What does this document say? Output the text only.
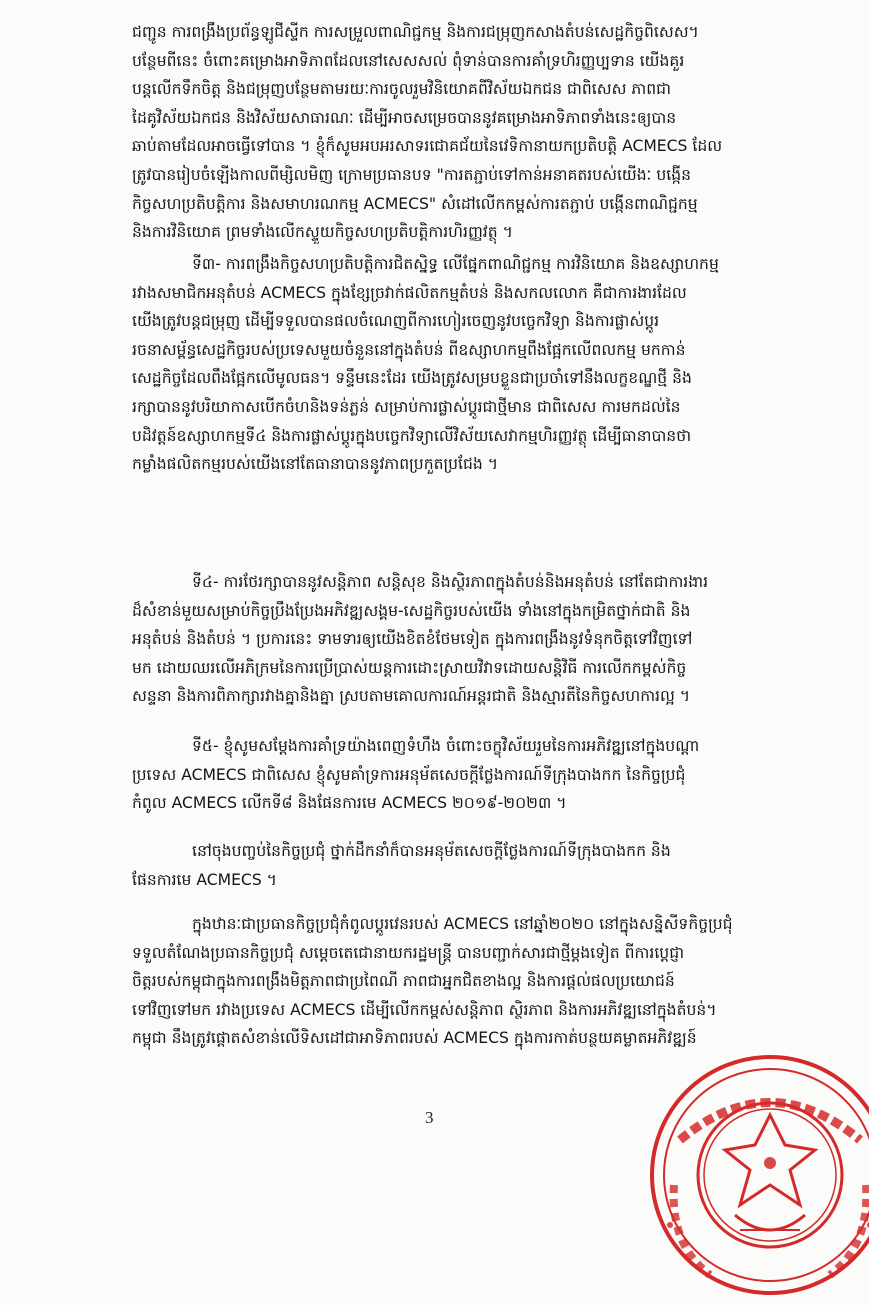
ជញ្ជូន ការពង្រឹងប្រព័ន្ធឡូជីស្ទីក ការសម្រួលពាណិជ្ជកម្ម និងការជម្រុញកសាងតំបន់សេដ្ឋកិច្ចពិសេស។
បន្ថែមពីនេះ ចំពោះគម្រោងអាទិភាពដែលនៅសេសសល់ ពុំទាន់បានការគាំទ្រហិរញ្ញប្បទាន យើងគួរ
បន្តលើកទឹកចិត្ត និងជម្រុញបន្ថែមតាមរយៈការចូលរួមវិនិយោគពីវិស័យឯកជន ជាពិសេស ភាពជា
ដៃគូវិស័យឯកជន និងវិស័យសាធារណៈ ដើម្បីអាចសម្រេចបាននូវគម្រោងអាទិភាពទាំងនេះឲ្យបាន
ឆាប់តាមដែលអាចធ្វើទៅបាន ។ ខ្ញុំក៏សូមអបអរសាទរជោគជ័យនៃវេទិកានាយកប្រតិបត្តិ ACMECS ដែល
ត្រូវបានរៀបចំឡើងកាលពីម្សិលមិញ ក្រោមប្រធានបទ "ការតភ្ជាប់ទៅកាន់អនាគតរបស់យើងៈ បង្កើន
កិច្ចសហប្រតិបត្តិការ និងសមាហរណកម្ម ACMECS" សំដៅលើកកម្ពស់ការតភ្ជាប់ បង្កើនពាណិជ្ជកម្ម
និងការវិនិយោគ ព្រមទាំងលើកស្ទួយកិច្ចសហប្រតិបត្តិការហិរញ្ញវត្ថុ ។

ទី៣- ការពង្រឹងកិច្ចសហប្រតិបត្តិការជិតស្និទ្ធ លើផ្នែកពាណិជ្ជកម្ម ការវិនិយោគ និងឧស្សាហកម្ម
រវាងសមាជិកអនុតំបន់ ACMECS ក្នុងខ្សែច្រវាក់ផលិតកម្មតំបន់ និងសកលលោក គឺជាការងារដែល
យើងត្រូវបន្តជម្រុញ ដើម្បីទទួលបានផលចំណេញពីការហៀរចេញនូវបច្ចេកវិទ្យា និងការផ្លាស់ប្តូរ
រចនាសម្ព័ន្ធសេដ្ឋកិច្ចរបស់ប្រទេសមួយចំនួននៅក្នុងតំបន់ ពីឧស្សាហកម្មពឹងផ្អែកលើពលកម្ម មកកាន់
សេដ្ឋកិច្ចដែលពឹងផ្អែកលើមូលធន។ ទន្ទឹមនេះដែរ យើងត្រូវសម្របខ្លួនជាប្រចាំទៅនឹងលក្ខខណ្ឌថ្មី និង
រក្សាបាននូវបរិយាកាសបើកចំហនិងទន់ភ្លន់ សម្រាប់ការផ្លាស់ប្តូរជាថ្មីមាន ជាពិសេស ការមកដល់នៃ
បដិវត្តន៍ឧស្សាហកម្មទី៤ និងការផ្លាស់ប្តូរក្នុងបច្ចេកវិទ្យាលើវិស័យសេវាកម្មហិរញ្ញវត្ថុ ដើម្បីធានាបានថា
កម្លាំងផលិតកម្មរបស់យើងនៅតែធានាបាននូវភាពប្រកួតប្រជែង ។

ទី៤- ការថែរក្សាបាននូវសន្តិភាព សន្តិសុខ និងស្ថិរភាពក្នុងតំបន់និងអនុតំបន់ នៅតែជាការងារ
ដ៏សំខាន់មួយសម្រាប់កិច្ចប្រឹងប្រែងអភិវឌ្ឍសង្គម-សេដ្ឋកិច្ចរបស់យើង ទាំងនៅក្នុងកម្រិតថ្នាក់ជាតិ និង
អនុតំបន់ និងតំបន់ ។ ប្រការនេះ ទាមទារឲ្យយើងខិតខំថែមទៀត ក្នុងការពង្រឹងនូវទំនុកចិត្តទៅវិញទៅ
មក ដោយឈរលើអភិក្រមនៃការប្រើប្រាស់យន្តការដោះស្រាយវិវាទដោយសន្តិវិធី ការលើកកម្ពស់កិច្ច
សន្ទនា និងការពិភាក្សារវាងគ្នានិងគ្នា ស្របតាមគោលការណ៍អន្តរជាតិ និងស្មារតីនៃកិច្ចសហការល្អ ។

ទី៥- ខ្ញុំសូមសម្តែងការគាំទ្រយ៉ាងពេញទំហឹង ចំពោះចក្ខុវិស័យរួមនៃការអភិវឌ្ឍនៅក្នុងបណ្តា
ប្រទេស ACMECS ជាពិសេស ខ្ញុំសូមគាំទ្រការអនុម័តសេចក្តីថ្លែងការណ៍ទីក្រុងបាងកក នៃកិច្ចប្រជុំ
កំពូល ACMECS លើកទី៨ និងផែនការមេ ACMECS ២០១៩-២០២៣ ។

នៅចុងបញ្ចប់នៃកិច្ចប្រជុំ ថ្នាក់ដឹកនាំក៏បានអនុម័តសេចក្តីថ្លែងការណ៍ទីក្រុងបាងកក និង
ផែនការមេ ACMECS ។

ក្នុងឋានៈជាប្រធានកិច្ចប្រជុំកំពូលប្តូរវេនរបស់ ACMECS នៅឆ្នាំ២០២០ នៅក្នុងសន្និសីទកិច្ចប្រជុំ
ទទួលតំណែងប្រធានកិច្ចប្រជុំ សម្តេចតេជោនាយករដ្ឋមន្ត្រី បានបញ្ជាក់សារជាថ្មីម្តងទៀត ពីការប្តេជ្ញា
ចិត្តរបស់កម្ពុជាក្នុងការពង្រឹងមិត្តភាពជាប្រពៃណី ភាពជាអ្នកជិតខាងល្អ និងការផ្តល់ផលប្រយោជន៍
ទៅវិញទៅមក រវាងប្រទេស ACMECS ដើម្បីលើកកម្ពស់សន្តិភាព ស្ថិរភាព និងការអភិវឌ្ឍនៅក្នុងតំបន់។
កម្ពុជា នឹងត្រូវផ្តោតសំខាន់លើទិសដៅជាអាទិភាពរបស់ ACMECS ក្នុងការកាត់បន្ថយគម្លាតអភិវឌ្ឍន៍

3
